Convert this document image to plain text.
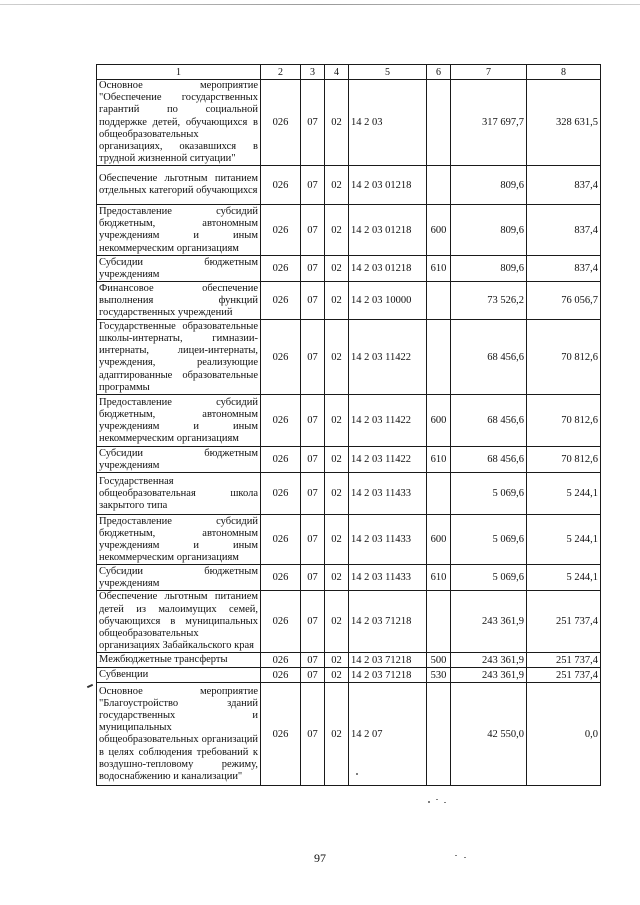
1	2	3	4	5	6	7	8
Основное мероприятие "Обеспечение государственных гарантий по социальной поддержке детей, обучающихся в общеобразовательных организациях, оказавшихся в трудной жизненной ситуации"	026	07	02	14 2 03		317 697,7	328 631,5
Обеспечение льготным питанием отдельных категорий обучающихся	026	07	02	14 2 03 01218		809,6	837,4
Предоставление субсидий бюджетным, автономным учреждениям и иным некоммерческим организациям	026	07	02	14 2 03 01218	600	809,6	837,4
Субсидии бюджетным учреждениям	026	07	02	14 2 03 01218	610	809,6	837,4
Финансовое обеспечение выполнения функций государственных учреждений	026	07	02	14 2 03 10000		73 526,2	76 056,7
Государственные образовательные школы-интернаты, гимназии-интернаты, лицеи-интернаты, учреждения, реализующие адаптированные образовательные программы	026	07	02	14 2 03 11422		68 456,6	70 812,6
Предоставление субсидий бюджетным, автономным учреждениям и иным некоммерческим организациям	026	07	02	14 2 03 11422	600	68 456,6	70 812,6
Субсидии бюджетным учреждениям	026	07	02	14 2 03 11422	610	68 456,6	70 812,6
Государственная общеобразовательная школа закрытого типа	026	07	02	14 2 03 11433		5 069,6	5 244,1
Предоставление субсидий бюджетным, автономным учреждениям и иным некоммерческим организациям	026	07	02	14 2 03 11433	600	5 069,6	5 244,1
Субсидии бюджетным учреждениям	026	07	02	14 2 03 11433	610	5 069,6	5 244,1
Обеспечение льготным питанием детей из малоимущих семей, обучающихся в муниципальных общеобразовательных организациях Забайкальского края	026	07	02	14 2 03 71218		243 361,9	251 737,4
Межбюджетные трансферты	026	07	02	14 2 03 71218	500	243 361,9	251 737,4
Субвенции	026	07	02	14 2 03 71218	530	243 361,9	251 737,4
Основное мероприятие "Благоустройство зданий государственных и муниципальных общеобразовательных организаций в целях соблюдения требований к воздушно-тепловому режиму, водоснабжению и канализации"	026	07	02	14 2 07		42 550,0	0,0
97
